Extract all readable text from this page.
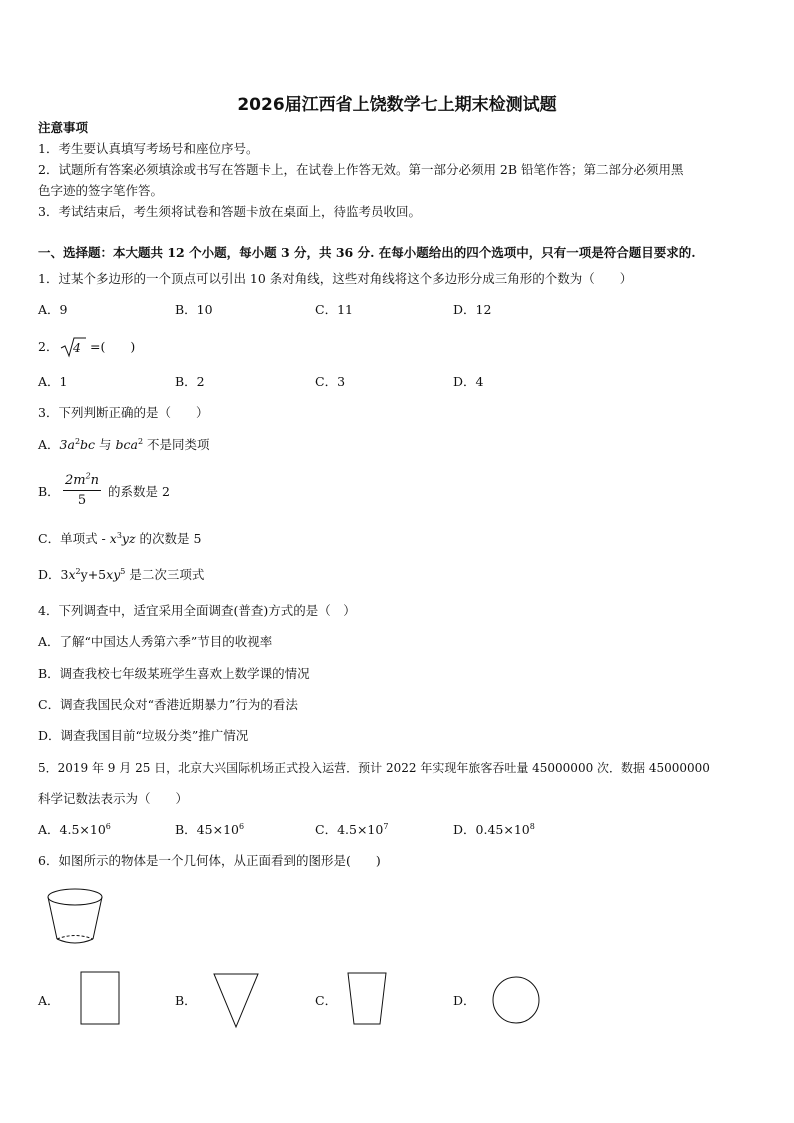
2026届江西省上饶数学七上期末检测试题
注意事项
1．考生要认真填写考场号和座位序号。
2．试题所有答案必须填涂或书写在答题卡上，在试卷上作答无效。第一部分必须用 2B 铅笔作答；第二部分必须用黑
色字迹的签字笔作答。
3．考试结束后，考生须将试卷和答题卡放在桌面上，待监考员收回。
一、选择题：本大题共 12 个小题，每小题 3 分，共 36 分. 在每小题给出的四个选项中，只有一项是符合题目要求的.
1．过某个多边形的一个顶点可以引出 10 条对角线，这些对角线将这个多边形分成三角形的个数为（　　）
A．9	B．10	C．11	D．12
2． 4 =(　　)
A．1	B．2	C．3	D．4
3．下列判断正确的是（　　）
A．$3a^2bc$ 与 bca$^2$ 不是同类项
B．
$2m^2n$
5
的系数是 2
C．单项式 - $x^3yz$ 的次数是 5
D．$3x^2y+5xy^5$ 是二次三项式
4．下列调查中，适宜采用全面调查(普查)方式的是（　）
A．了解“中国达人秀第六季”节目的收视率
B．调查我校七年级某班学生喜欢上数学课的情况
C．调查我国民众对“香港近期暴力”行为的看法
D．调查我国目前“垃圾分类”推广情况
5．2019 年 9 月 25 日，北京大兴国际机场正式投入运营．预计 2022 年实现年旅客吞吐量 45000000 次．数据 45000000
科学记数法表示为（　　）
A．$4.5\times 10^6$	B．$45\times 10^6$	C．$4.5\times 10^7$	D．$0.45\times 10^8$
6．如图所示的物体是一个几何体，从正面看到的图形是(　　)
A．	B．	C．	D．
